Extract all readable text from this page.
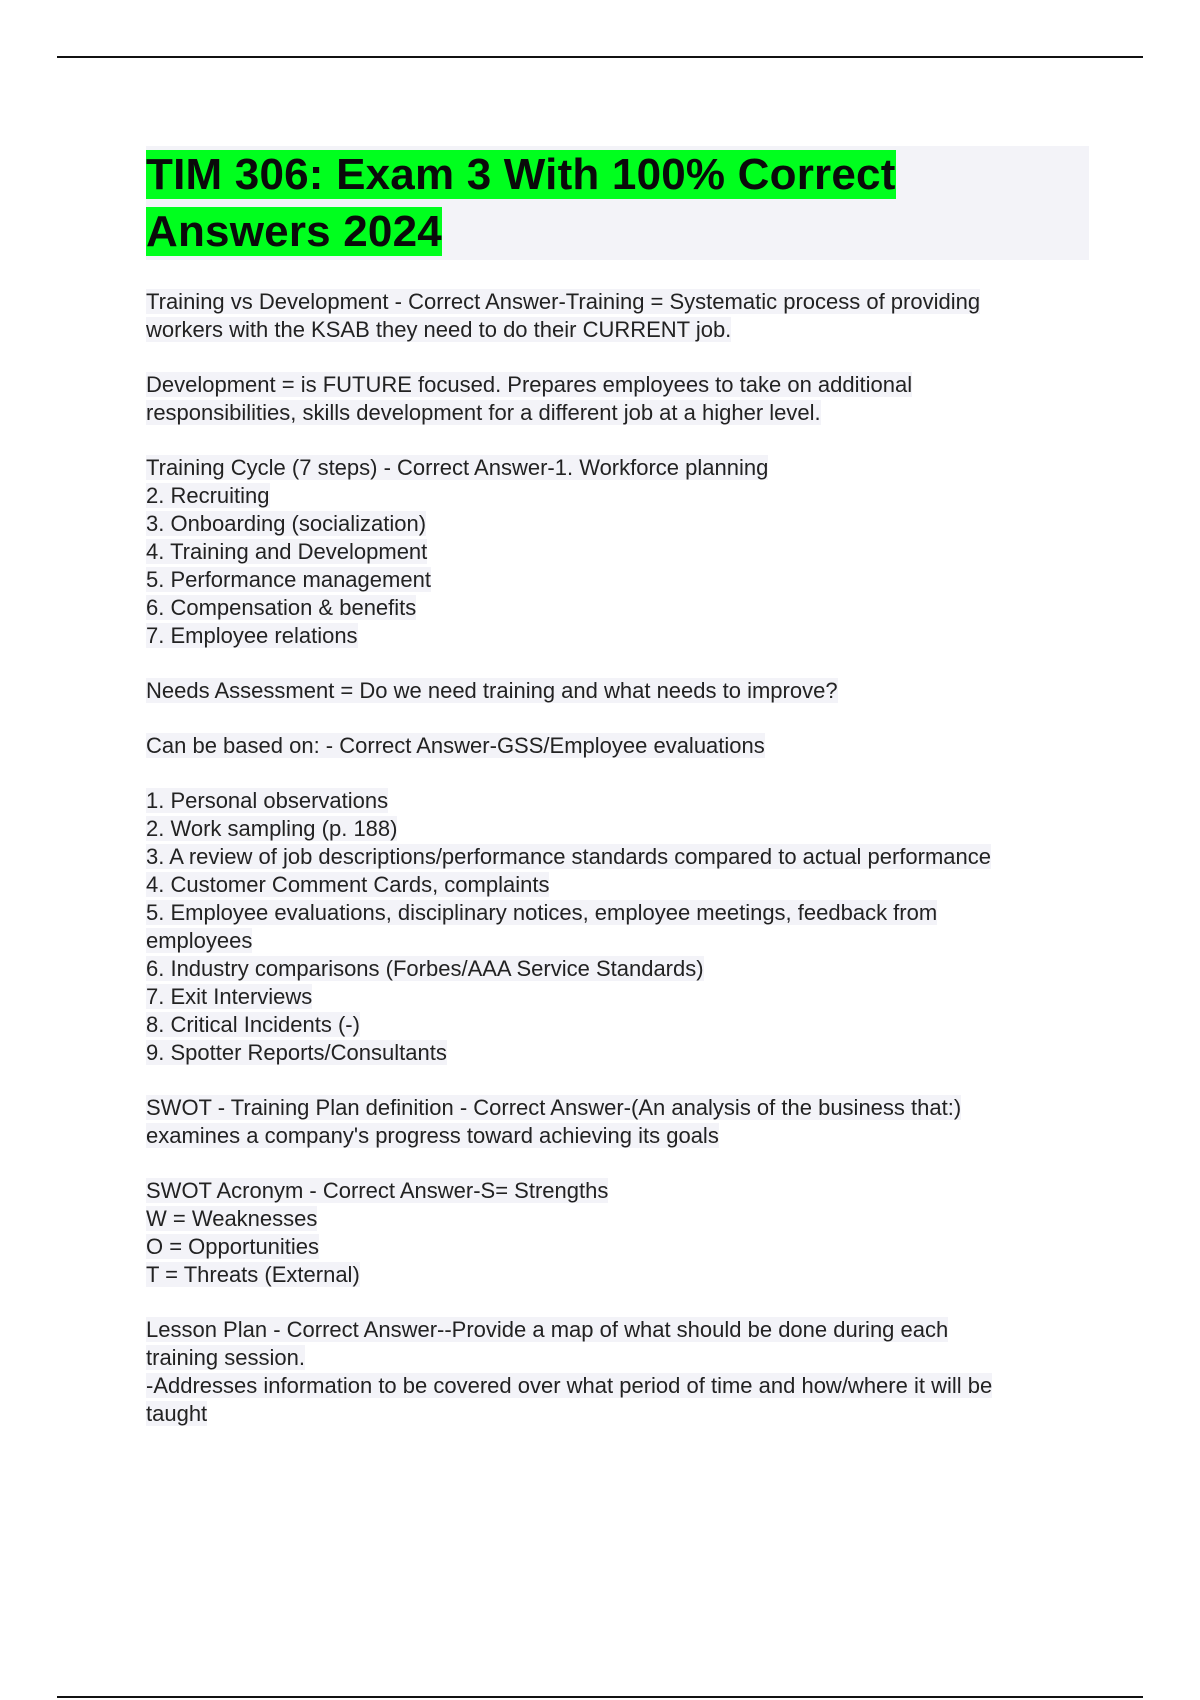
TIM 306: Exam 3 With 100% Correct
Answers 2024
Training vs Development - Correct Answer-Training = Systematic process of providing
workers with the KSAB they need to do their CURRENT job.
Development = is FUTURE focused. Prepares employees to take on additional
responsibilities, skills development for a different job at a higher level.
Training Cycle (7 steps) - Correct Answer-1. Workforce planning
2. Recruiting
3. Onboarding (socialization)
4. Training and Development
5. Performance management
6. Compensation & benefits
7. Employee relations
Needs Assessment = Do we need training and what needs to improve?
Can be based on: - Correct Answer-GSS/Employee evaluations
1. Personal observations
2. Work sampling (p. 188)
3. A review of job descriptions/performance standards compared to actual performance
4. Customer Comment Cards, complaints
5. Employee evaluations, disciplinary notices, employee meetings, feedback from
employees
6. Industry comparisons (Forbes/AAA Service Standards)
7. Exit Interviews
8. Critical Incidents (-)
9. Spotter Reports/Consultants
SWOT - Training Plan definition - Correct Answer-(An analysis of the business that:)
examines a company's progress toward achieving its goals
SWOT Acronym - Correct Answer-S= Strengths
W = Weaknesses
O = Opportunities
T = Threats (External)
Lesson Plan - Correct Answer--Provide a map of what should be done during each
training session.
-Addresses information to be covered over what period of time and how/where it will be
taught
